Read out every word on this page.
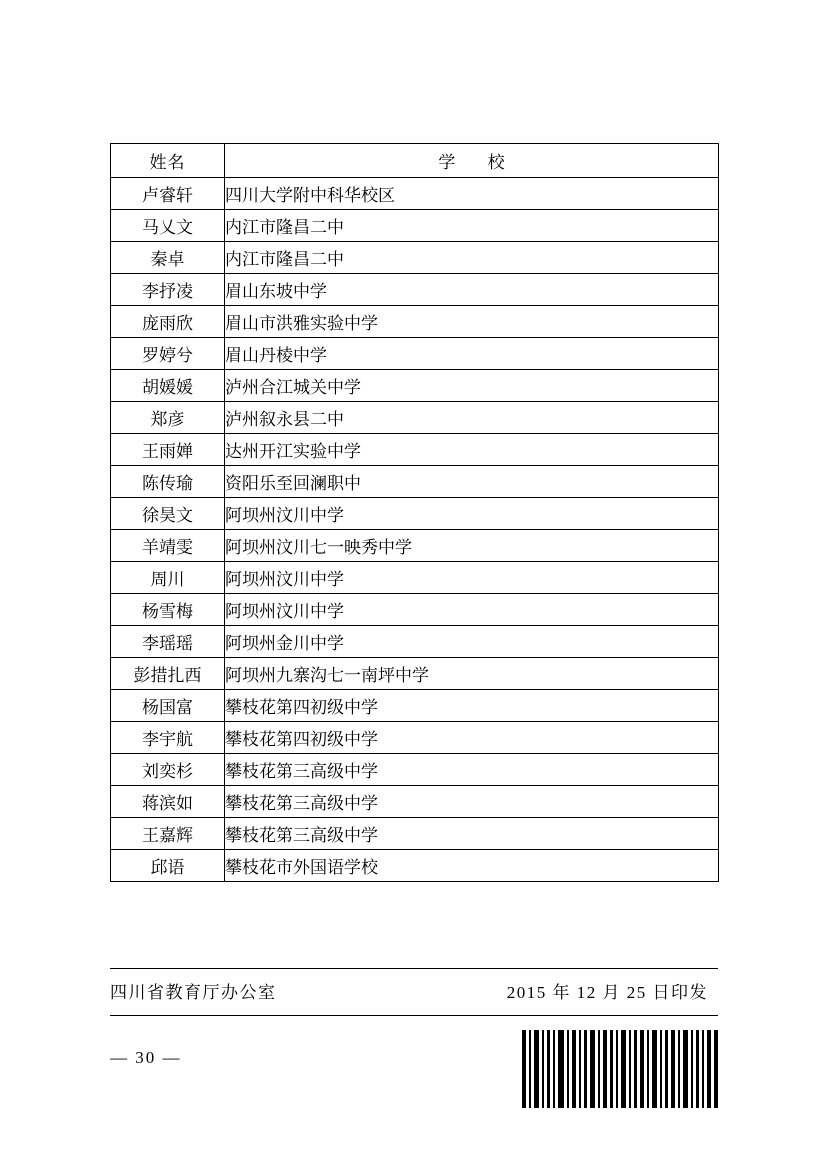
姓名	学 校
卢睿轩	四川大学附中科华校区
马乂文	内江市隆昌二中
秦卓	内江市隆昌二中
李抒凌	眉山东坡中学
庞雨欣	眉山市洪雅实验中学
罗婷兮	眉山丹棱中学
胡媛媛	泸州合江城关中学
郑彦	泸州叙永县二中
王雨婵	达州开江实验中学
陈传瑜	资阳乐至回澜职中
徐昊文	阿坝州汶川中学
羊靖雯	阿坝州汶川七一映秀中学
周川	阿坝州汶川中学
杨雪梅	阿坝州汶川中学
李瑶瑶	阿坝州金川中学
彭措扎西	阿坝州九寨沟七一南坪中学
杨国富	攀枝花第四初级中学
李宇航	攀枝花第四初级中学
刘奕杉	攀枝花第三高级中学
蒋滨如	攀枝花第三高级中学
王嘉辉	攀枝花第三高级中学
邱语	攀枝花市外国语学校
四川省教育厅办公室	2015 年 12 月 25 日印发
— 30 —
